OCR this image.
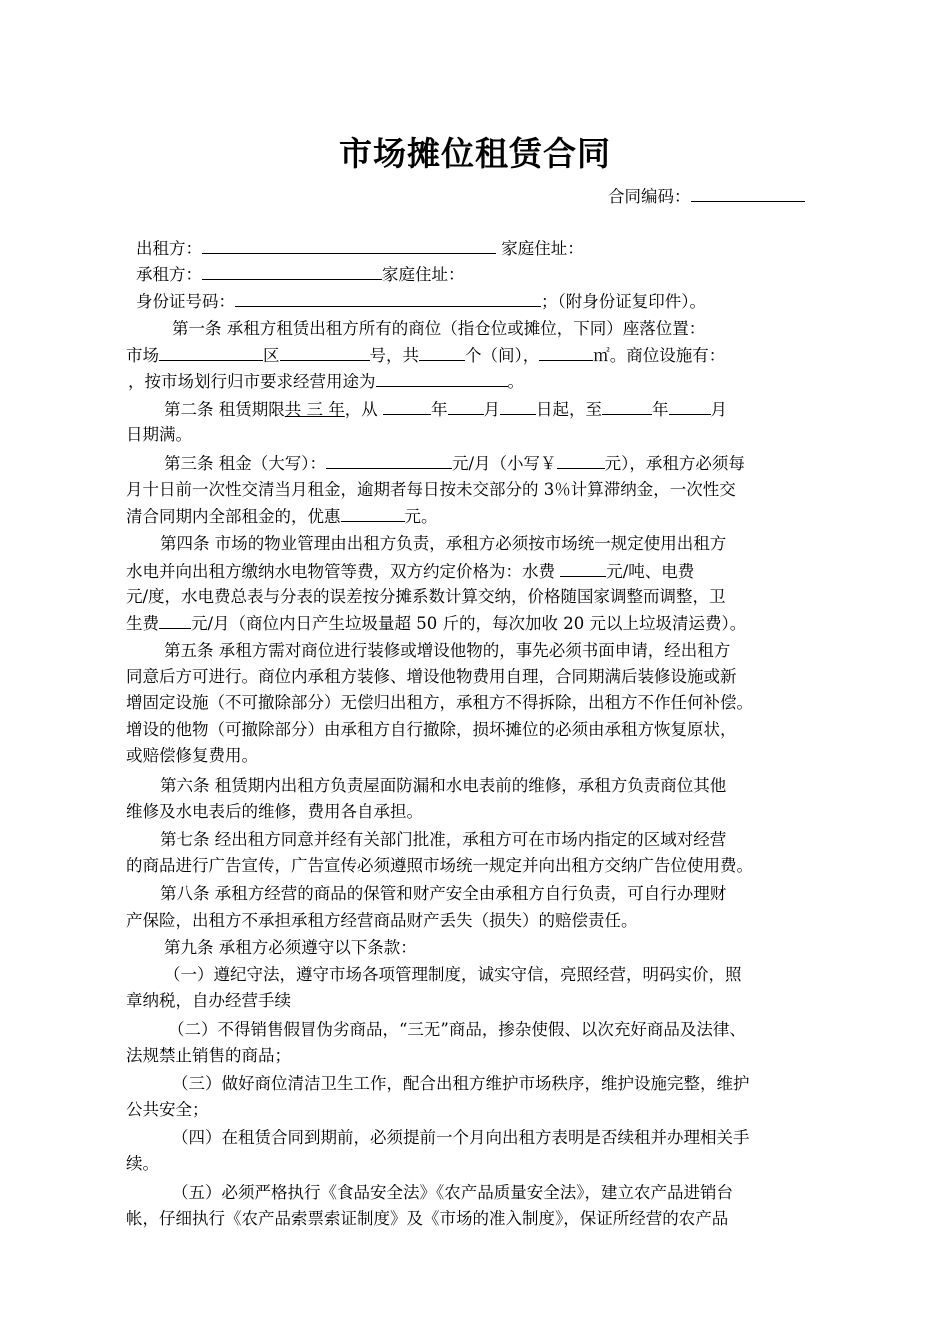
市场摊位租赁合同
合同编码：
出租方：	家庭住址：
承租方：	家庭住址：
身份证号码：	；（附身份证复印件）。
第一条 承租方租赁出租方所有的商位（指仓位或摊位，下同）座落位置：
市场	区	号，共	个（间），	㎡。商位设施有：
，按市场划行归市要求经营用途为	。
第二条 租赁期限共 三 年，从	年 月 日起，至	年	月
日期满。
第三条 租金（大写）：	元/月（小写￥	元），承租方必须每
月十日前一次性交清当月租金，逾期者每日按未交部分的 3％计算滞纳金，一次性交
清合同期内全部租金的，优惠	元。
第四条 市场的物业管理由出租方负责，承租方必须按市场统一规定使用出租方
水电并向出租方缴纳水电物管等费，双方约定价格为：水费	元/吨、电费
元/度，水电费总表与分表的误差按分摊系数计算交纳，价格随国家调整而调整，卫
生费 元/月（商位内日产生垃圾量超 50 斤的，每次加收 20 元以上垃圾清运费）。
第五条 承租方需对商位进行装修或增设他物的，事先必须书面申请，经出租方
同意后方可进行。商位内承租方装修、增设他物费用自理，合同期满后装修设施或新
增固定设施（不可撤除部分）无偿归出租方，承租方不得拆除，出租方不作任何补偿。
增设的他物（可撤除部分）由承租方自行撤除，损坏摊位的必须由承租方恢复原状，
或赔偿修复费用。
第六条 租赁期内出租方负责屋面防漏和水电表前的维修，承租方负责商位其他
维修及水电表后的维修，费用各自承担。
第七条 经出租方同意并经有关部门批准，承租方可在市场内指定的区域对经营
的商品进行广告宣传，广告宣传必须遵照市场统一规定并向出租方交纳广告位使用费。
第八条 承租方经营的商品的保管和财产安全由承租方自行负责，可自行办理财
产保险，出租方不承担承租方经营商品财产丢失（损失）的赔偿责任。
第九条 承租方必须遵守以下条款：
（一）遵纪守法，遵守市场各项管理制度，诚实守信，亮照经营，明码实价，照
章纳税，自办经营手续
（二）不得销售假冒伪劣商品，“三无”商品，掺杂使假、以次充好商品及法律、
法规禁止销售的商品；
（三）做好商位清洁卫生工作，配合出租方维护市场秩序，维护设施完整，维护
公共安全；
（四）在租赁合同到期前，必须提前一个月向出租方表明是否续租并办理相关手
续。
（五）必须严格执行《食品安全法》《农产品质量安全法》，建立农产品进销台
帐，仔细执行《农产品索票索证制度》及《市场的准入制度》，保证所经营的农产品
